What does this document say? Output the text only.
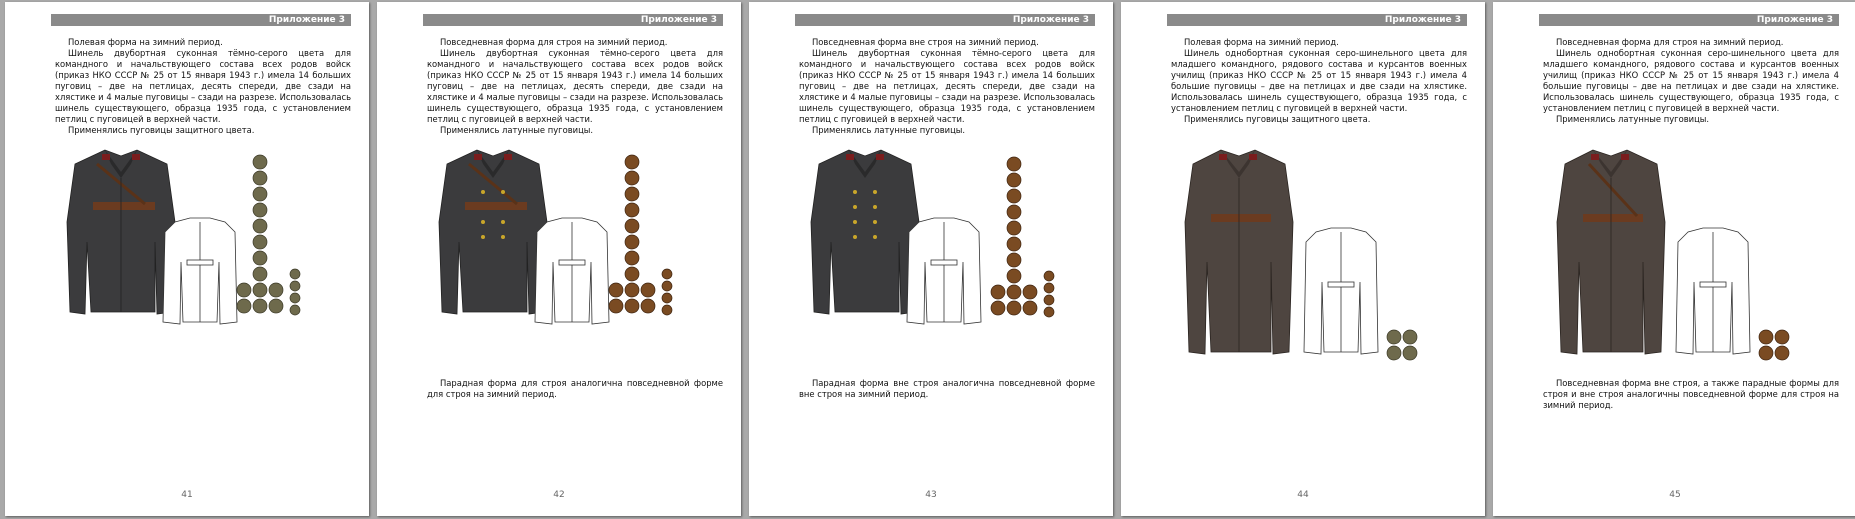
Приложение 3

Полевая форма на зимний период.

Шинель двубортная суконная тёмно-серого цвета для командного и начальствующего состава всех родов войск (приказ НКО СССР № 25 от 15 января 1943 г.) имела 14 больших пуговиц – две на петлицах, десять спереди, две сзади на хлястике и 4 малые пуговицы – сзади на разрезе. Использовалась шинель существующего, образца 1935 года, с установлением петлиц с пуговицей в верхней части.

Применялись пуговицы защитного цвета.

41
Приложение 3

Повседневная форма для строя на зимний период.

Шинель двубортная суконная тёмно-серого цвета для командного и начальствующего состава всех родов войск (приказ НКО СССР № 25 от 15 января 1943 г.) имела 14 больших пуговиц – две на петлицах, десять спереди, две сзади на хлястике и 4 малые пуговицы – сзади на разрезе. Использовалась шинель существующего, образца 1935 года, с установлением петлиц с пуговицей в верхней части.

Применялись латунные пуговицы.

Парадная форма для строя аналогична повседневной форме для строя на зимний период.
42
Приложение 3

Повседневная форма вне строя на зимний период.

Шинель двубортная суконная тёмно-серого цвета для командного и начальствующего состава всех родов войск (приказ НКО СССР № 25 от 15 января 1943 г.) имела 14 больших пуговиц – две на петлицах, десять спереди, две сзади на хлястике и 4 малые пуговицы – сзади на разрезе. Использовалась шинель существующего, образца 1935 года, с установлением петлиц с пуговицей в верхней части.

Применялись латунные пуговицы.

Парадная форма вне строя аналогична повседневной форме вне строя на зимний период.
43
Приложение 3

Полевая форма на зимний период.

Шинель однобортная суконная серо-шинельного цвета для младшего командного, рядового состава и курсантов военных училищ (приказ НКО СССР № 25 от 15 января 1943 г.) имела 4 большие пуговицы – две на петлицах и две сзади на хлястике. Использовалась шинель существующего, образца 1935 года, с установлением петлиц с пуговицей в верхней части.

Применялись пуговицы защитного цвета.

44
Приложение 3

Повседневная форма для строя на зимний период.

Шинель однобортная суконная серо-шинельного цвета для младшего командного, рядового состава и курсантов военных училищ (приказ НКО СССР № 25 от 15 января 1943 г.) имела 4 большие пуговицы – две на петлицах и две сзади на хлястике. Использовалась шинель существующего, образца 1935 года, с установлением петлиц с пуговицей в верхней части.

Применялись латунные пуговицы.

Повседневная форма вне строя, а также парадные формы для строя и вне строя аналогичны повседневной форме для строя на зимний период.
45
